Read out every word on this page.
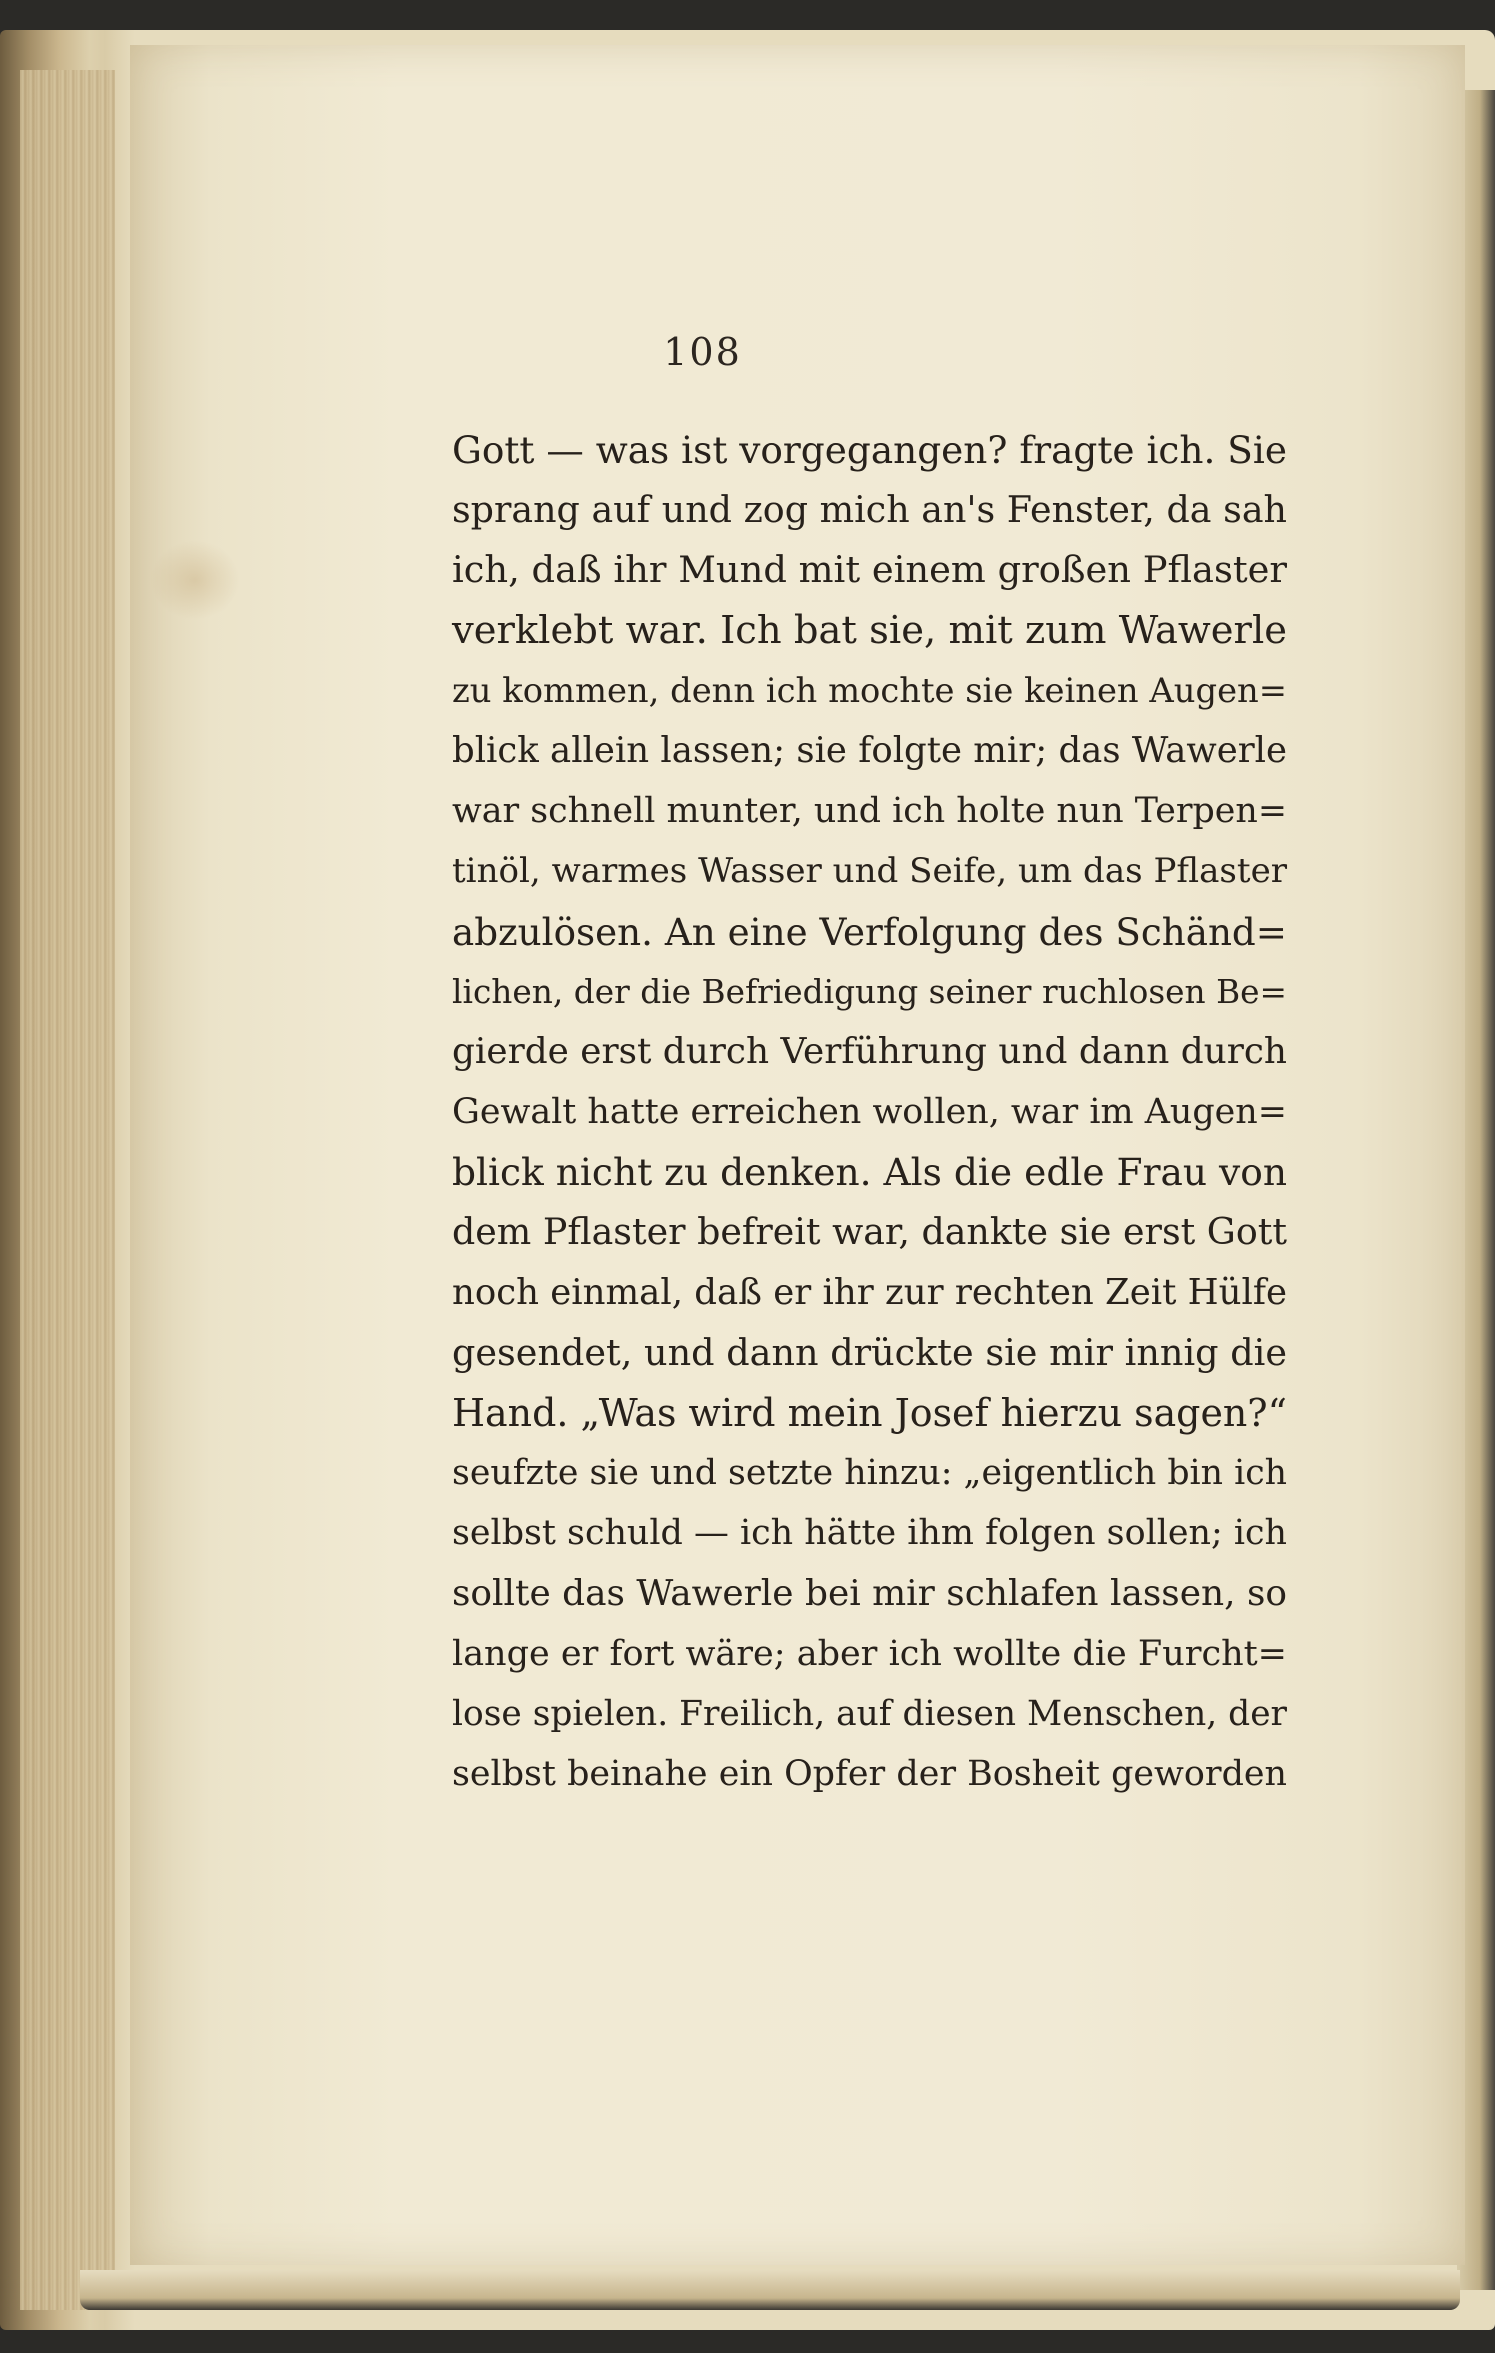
108
Gott — was ist vorgegangen? fragte ich. Sie
sprang auf und zog mich an's Fenster, da sah
ich, daß ihr Mund mit einem großen Pflaster
verklebt war. Ich bat sie, mit zum Wawerle
zu kommen, denn ich mochte sie keinen Augen=
blick allein lassen; sie folgte mir; das Wawerle
war schnell munter, und ich holte nun Terpen=
tinöl, warmes Wasser und Seife, um das Pflaster
abzulösen. An eine Verfolgung des Schänd=
lichen, der die Befriedigung seiner ruchlosen Be=
gierde erst durch Verführung und dann durch
Gewalt hatte erreichen wollen, war im Augen=
blick nicht zu denken. Als die edle Frau von
dem Pflaster befreit war, dankte sie erst Gott
noch einmal, daß er ihr zur rechten Zeit Hülfe
gesendet, und dann drückte sie mir innig die
Hand. „Was wird mein Josef hierzu sagen?“
seufzte sie und setzte hinzu: „eigentlich bin ich
selbst schuld — ich hätte ihm folgen sollen; ich
sollte das Wawerle bei mir schlafen lassen, so
lange er fort wäre; aber ich wollte die Furcht=
lose spielen. Freilich, auf diesen Menschen, der
selbst beinahe ein Opfer der Bosheit geworden
